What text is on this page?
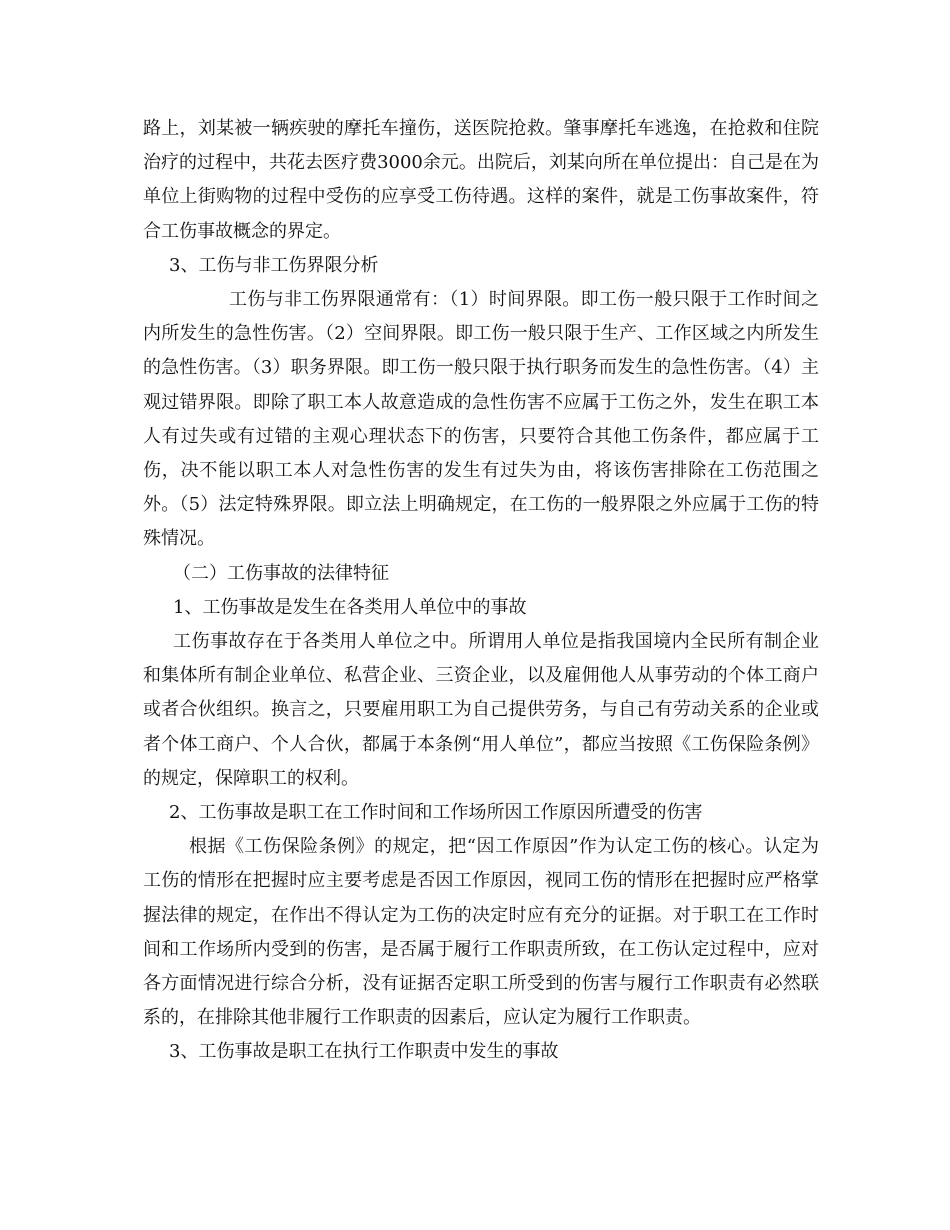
路上，刘某被一辆疾驶的摩托车撞伤，送医院抢救。肇事摩托车逃逸，在抢救和住院治疗的过程中，共花去医疗费3000余元。出院后，刘某向所在单位提出：自己是在为单位上街购物的过程中受伤的应享受工伤待遇。这样的案件，就是工伤事故案件，符合工伤事故概念的界定。

3、工伤与非工伤界限分析

工伤与非工伤界限通常有：（1）时间界限。即工伤一般只限于工作时间之内所发生的急性伤害。（2）空间界限。即工伤一般只限于生产、工作区域之内所发生的急性伤害。（3）职务界限。即工伤一般只限于执行职务而发生的急性伤害。（4）主观过错界限。即除了职工本人故意造成的急性伤害不应属于工伤之外，发生在职工本人有过失或有过错的主观心理状态下的伤害，只要符合其他工伤条件，都应属于工伤，决不能以职工本人对急性伤害的发生有过失为由，将该伤害排除在工伤范围之外。（5）法定特殊界限。即立法上明确规定，在工伤的一般界限之外应属于工伤的特殊情况。

（二）工伤事故的法律特征

1、工伤事故是发生在各类用人单位中的事故

工伤事故存在于各类用人单位之中。所谓用人单位是指我国境内全民所有制企业和集体所有制企业单位、私营企业、三资企业，以及雇佣他人从事劳动的个体工商户或者合伙组织。换言之，只要雇用职工为自己提供劳务，与自己有劳动关系的企业或者个体工商户、个人合伙，都属于本条例“用人单位”，都应当按照《工伤保险条例》的规定，保障职工的权利。

2、工伤事故是职工在工作时间和工作场所因工作原因所遭受的伤害

根据《工伤保险条例》的规定，把“因工作原因”作为认定工伤的核心。认定为工伤的情形在把握时应主要考虑是否因工作原因，视同工伤的情形在把握时应严格掌握法律的规定，在作出不得认定为工伤的决定时应有充分的证据。对于职工在工作时间和工作场所内受到的伤害，是否属于履行工作职责所致，在工伤认定过程中，应对各方面情况进行综合分析，没有证据否定职工所受到的伤害与履行工作职责有必然联系的，在排除其他非履行工作职责的因素后，应认定为履行工作职责。

3、工伤事故是职工在执行工作职责中发生的事故
